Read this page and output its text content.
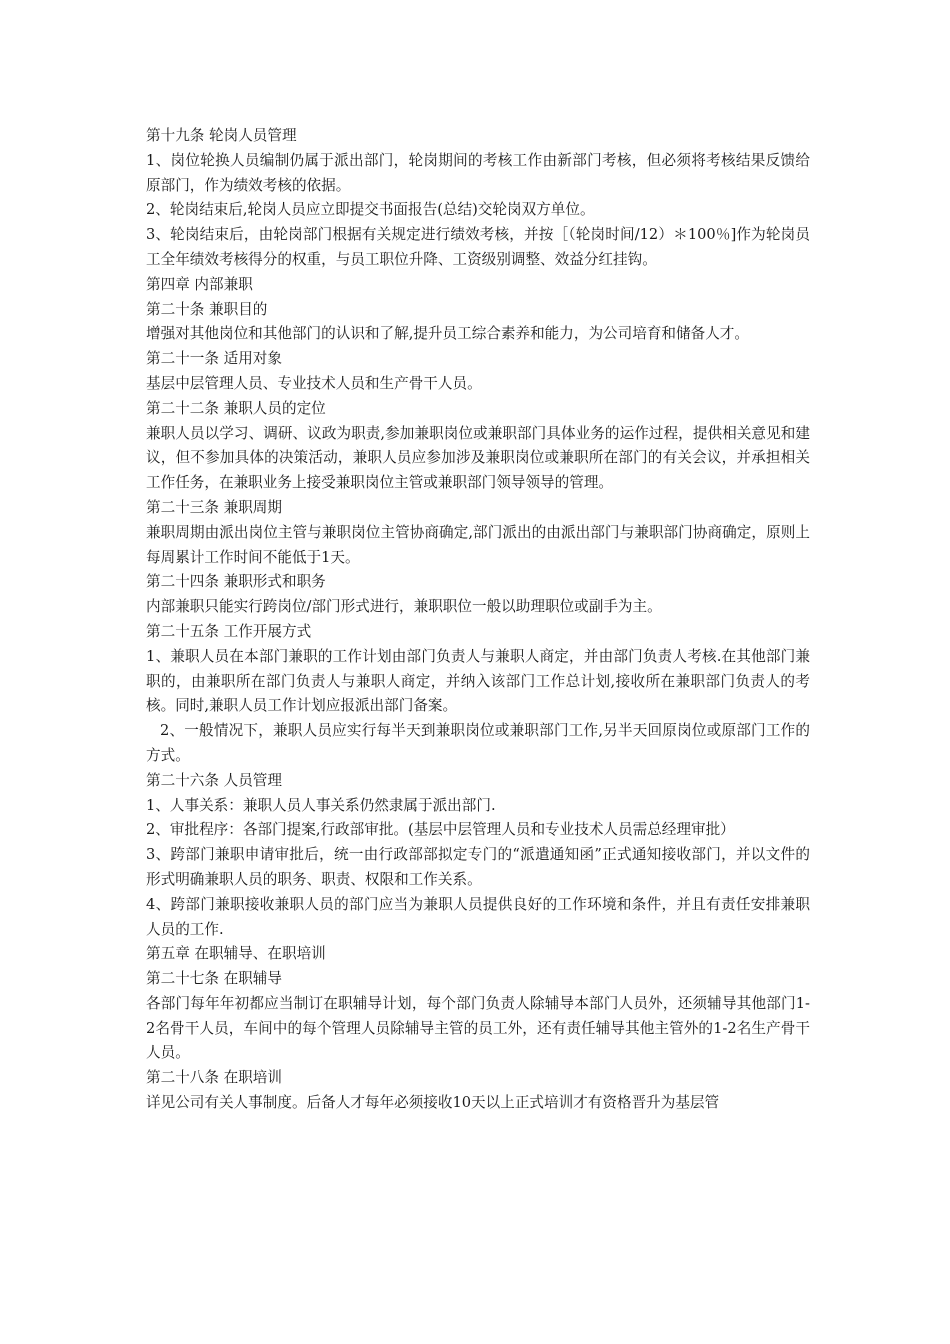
第十九条 轮岗人员管理

1、岗位轮换人员编制仍属于派出部门，轮岗期间的考核工作由新部门考核，但必须将考核结果反馈给原部门，作为绩效考核的依据。

2、轮岗结束后,轮岗人员应立即提交书面报告(总结)交轮岗双方单位。

3、轮岗结束后，由轮岗部门根据有关规定进行绩效考核，并按［（轮岗时间/12）＊100％]作为轮岗员工全年绩效考核得分的权重，与员工职位升降、工资级别调整、效益分红挂钩。

第四章 内部兼职

第二十条 兼职目的

增强对其他岗位和其他部门的认识和了解,提升员工综合素养和能力，为公司培育和储备人才。

第二十一条 适用对象

基层中层管理人员、专业技术人员和生产骨干人员。

第二十二条 兼职人员的定位

兼职人员以学习、调研、议政为职责,参加兼职岗位或兼职部门具体业务的运作过程，提供相关意见和建议，但不参加具体的决策活动，兼职人员应参加涉及兼职岗位或兼职所在部门的有关会议，并承担相关工作任务，在兼职业务上接受兼职岗位主管或兼职部门领导领导的管理。

第二十三条 兼职周期

兼职周期由派出岗位主管与兼职岗位主管协商确定,部门派出的由派出部门与兼职部门协商确定，原则上每周累计工作时间不能低于1天。

第二十四条 兼职形式和职务

内部兼职只能实行跨岗位/部门形式进行，兼职职位一般以助理职位或副手为主。

第二十五条 工作开展方式

1、兼职人员在本部门兼职的工作计划由部门负责人与兼职人商定，并由部门负责人考核.在其他部门兼职的，由兼职所在部门负责人与兼职人商定，并纳入该部门工作总计划,接收所在兼职部门负责人的考核。同时,兼职人员工作计划应报派出部门备案。

2、一般情况下，兼职人员应实行每半天到兼职岗位或兼职部门工作,另半天回原岗位或原部门工作的方式。

第二十六条 人员管理

1、人事关系：兼职人员人事关系仍然隶属于派出部门.

2、审批程序：各部门提案,行政部审批。(基层中层管理人员和专业技术人员需总经理审批）

3、跨部门兼职申请审批后，统一由行政部部拟定专门的“派遣通知函”正式通知接收部门，并以文件的形式明确兼职人员的职务、职责、权限和工作关系。

4、跨部门兼职接收兼职人员的部门应当为兼职人员提供良好的工作环境和条件，并且有责任安排兼职人员的工作.

第五章 在职辅导、在职培训

第二十七条 在职辅导

各部门每年年初都应当制订在职辅导计划，每个部门负责人除辅导本部门人员外，还须辅导其他部门1-2名骨干人员，车间中的每个管理人员除辅导主管的员工外，还有责任辅导其他主管外的1-2名生产骨干人员。

第二十八条 在职培训

详见公司有关人事制度。后备人才每年必须接收10天以上正式培训才有资格晋升为基层管
